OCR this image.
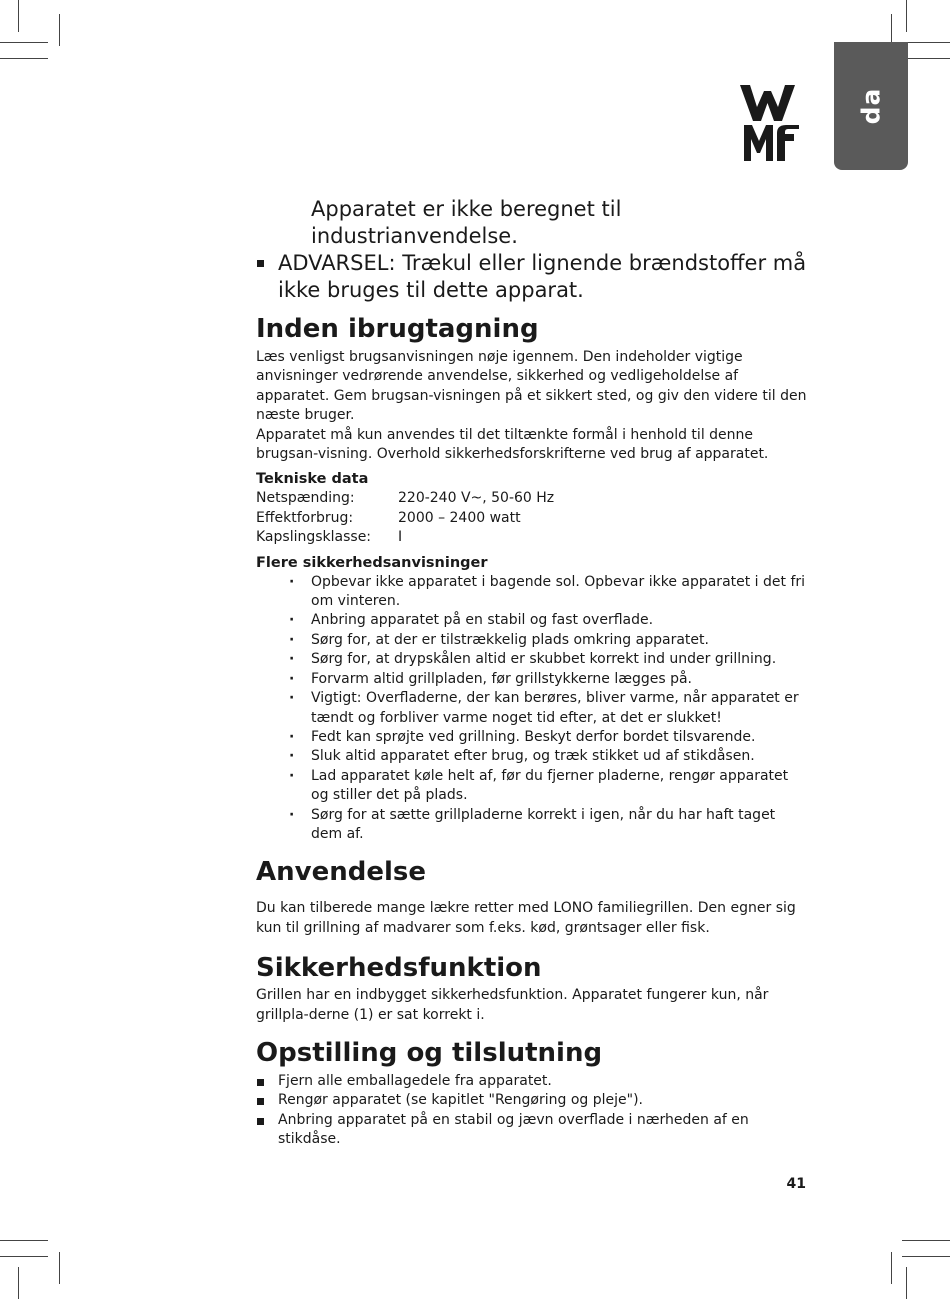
da

Apparatet er ikke beregnet til industrianvendelse.

ADVARSEL: Trækul eller lignende brændstoffer må ikke bruges til dette apparat.
Inden ibrugtagning

Læs venligst brugsanvisningen nøje igennem. Den indeholder vigtige anvisninger vedrørende anvendelse, sikkerhed og vedligeholdelse af apparatet. Gem brugsan-visningen på et sikkert sted, og giv den videre til den næste bruger.

Apparatet må kun anvendes til det tiltænkte formål i henhold til denne brugsan-visning. Overhold sikkerhedsforskrifterne ved brug af apparatet.

Tekniske data
Netspænding:	220-240 V~, 50-60 Hz
Effektforbrug:	2000 – 2400 watt
Kapslingsklasse:	I
Flere sikkerhedsanvisninger
· Opbevar ikke apparatet i bagende sol. Opbevar ikke apparatet i det fri om vinteren.
· Anbring apparatet på en stabil og fast overflade.
· Sørg for, at der er tilstrækkelig plads omkring apparatet.
· Sørg for, at drypskålen altid er skubbet korrekt ind under grillning.
· Forvarm altid grillpladen, før grillstykkerne lægges på.
· Vigtigt: Overfladerne, der kan berøres, bliver varme, når apparatet er tændt og forbliver varme noget tid efter, at det er slukket!
· Fedt kan sprøjte ved grillning. Beskyt derfor bordet tilsvarende.
· Sluk altid apparatet efter brug, og træk stikket ud af stikdåsen.
· Lad apparatet køle helt af, før du fjerner pladerne, rengør apparatet og stiller det på plads.
· Sørg for at sætte grillpladerne korrekt i igen, når du har haft taget dem af.
Anvendelse

Du kan tilberede mange lækre retter med LONO familiegrillen. Den egner sig kun til grillning af madvarer som f.eks. kød, grøntsager eller fisk.

Sikkerhedsfunktion

Grillen har en indbygget sikkerhedsfunktion. Apparatet fungerer kun, når grillpla-derne (1) er sat korrekt i.

Opstilling og tilslutning
Fjern alle emballagedele fra apparatet.
Rengør apparatet (se kapitlet "Rengøring og pleje").
Anbring apparatet på en stabil og jævn overflade i nærheden af en stikdåse.
41
